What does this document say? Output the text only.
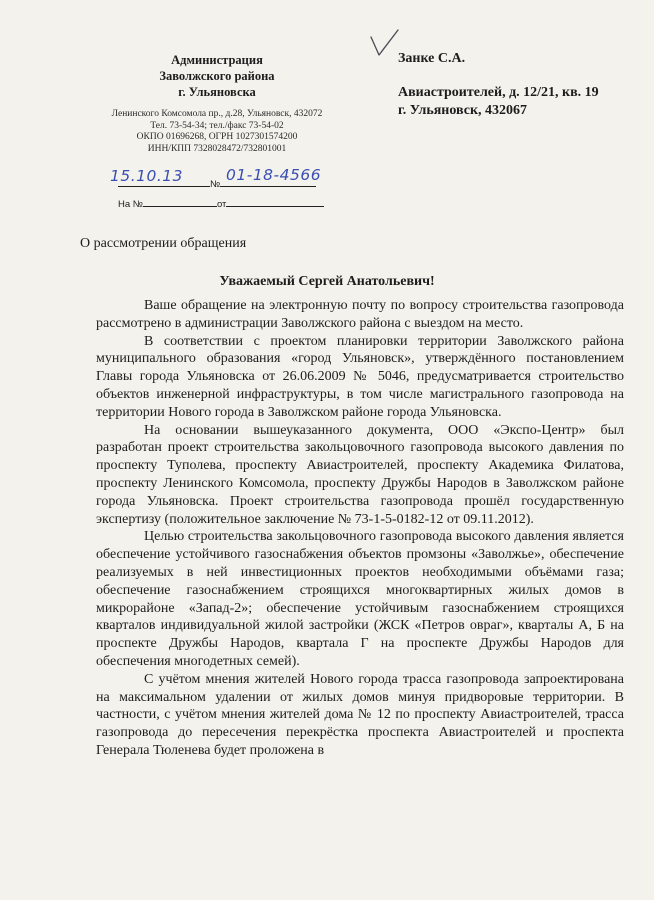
Администрация
Заволжского района
г. Ульяновска
Ленинского Комсомола пр., д.28, Ульяновск, 432072
Тел. 73-54-34; тел./факс 73-54-02
ОКПО 01696268, ОГРН 1027301574200
ИНН/КПП 7328028472/732801001
Занке С.А.
Авиастроителей, д. 12/21, кв. 19
г. Ульяновск, 432067
15.10.13	01-18-4566
№
На №	от
О рассмотрении обращения
Уважаемый Сергей Анатольевич!

Ваше обращение на электронную почту по вопросу строительства газопровода рассмотрено в администрации Заволжского района с выездом на место.

В соответствии с проектом планировки территории Заволжского района муниципального образования «город Ульяновск», утверждённого постановлением Главы города Ульяновска от 26.06.2009 № 5046, предусматривается строительство объектов инженерной инфраструктуры, в том числе магистрального газопровода на территории Нового города в Заволжском районе города Ульяновска.

На основании вышеуказанного документа, ООО «Экспо-Центр» был разработан проект строительства закольцовочного газопровода высокого давления по проспекту Туполева, проспекту Авиастроителей, проспекту Академика Филатова, проспекту Ленинского Комсомола, проспекту Дружбы Народов в Заволжском районе города Ульяновска. Проект строительства газопровода прошёл государственную экспертизу (положительное заключение № 73-1-5-0182-12 от 09.11.2012).

Целью строительства закольцовочного газопровода высокого давления является обеспечение устойчивого газоснабжения объектов промзоны «Заволжье», обеспечение реализуемых в ней инвестиционных проектов необходимыми объёмами газа; обеспечение газоснабжением строящихся многоквартирных жилых домов в микрорайоне «Запад-2»; обеспечение устойчивым газоснабжением строящихся кварталов индивидуальной жилой застройки (ЖСК «Петров овраг», кварталы А, Б на проспекте Дружбы Народов, квартала Г на проспекте Дружбы Народов для обеспечения многодетных семей).

С учётом мнения жителей Нового города трасса газопровода запроектирована на максимальном удалении от жилых домов минуя придворовые территории. В частности, с учётом мнения жителей дома № 12 по проспекту Авиастроителей, трасса газопровода до пересечения перекрёстка проспекта Авиастроителей и проспекта Генерала Тюленева будет проложена в
